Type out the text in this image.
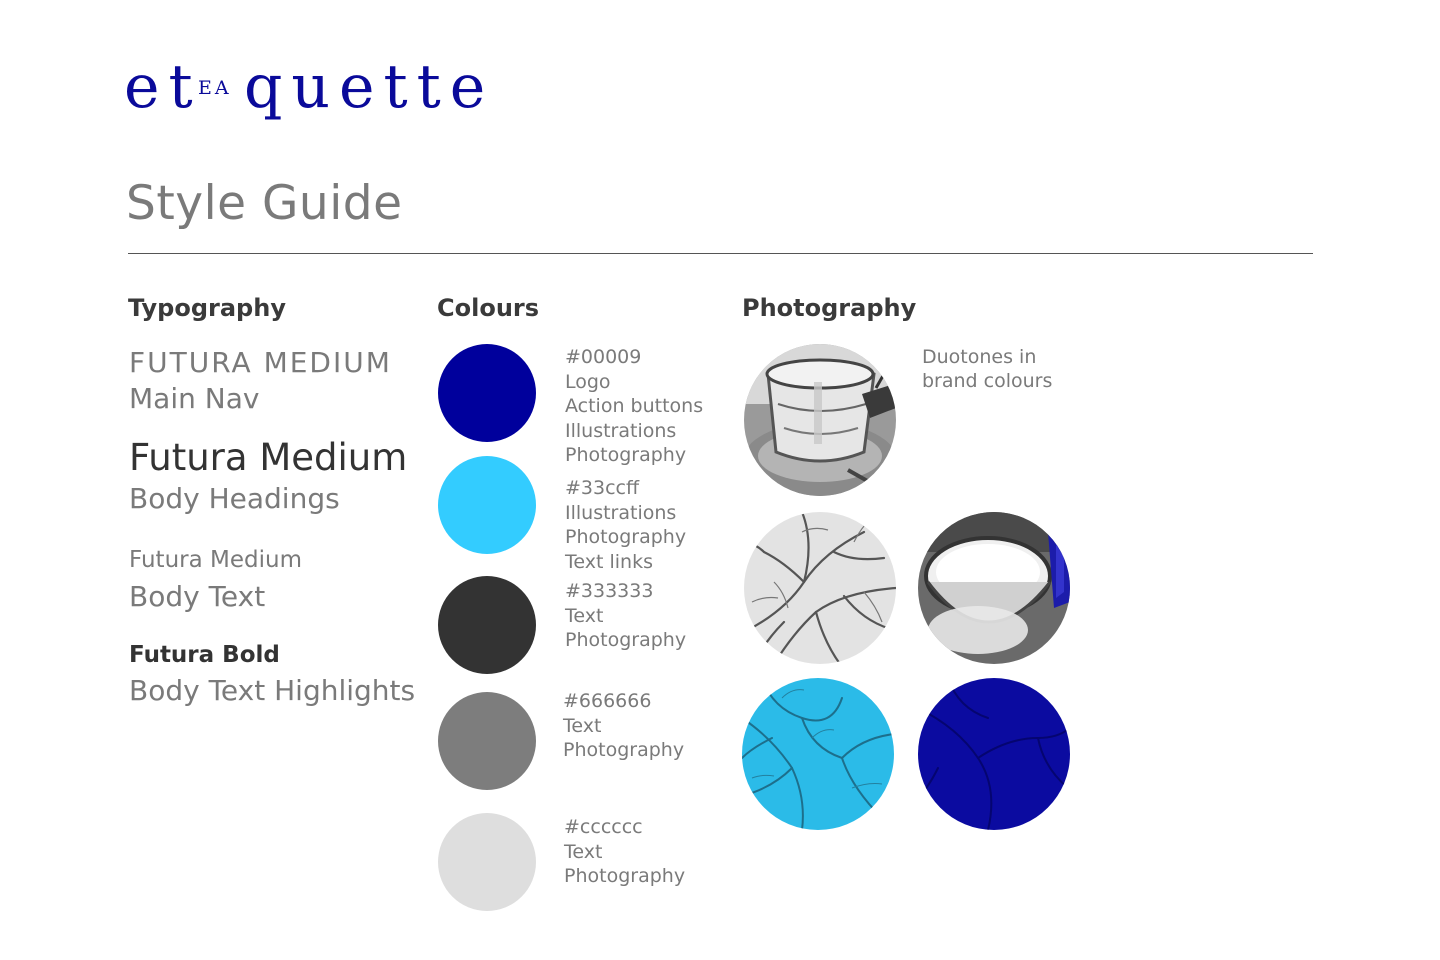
et
EA quette
Style Guide
Typography	Colours	Photography
FUTURA MEDIUM
Main Nav
Futura Medium
Body Headings
Futura Medium
Body Text
Futura Bold
Body Text Highlights
#00009
Logo
Action buttons
Illustrations
Photography
#33ccff
Illustrations
Photography
Text links
#333333
Text
Photography
#666666
Text
Photography
#cccccc
Text
Photography
Duotones in
brand colours
